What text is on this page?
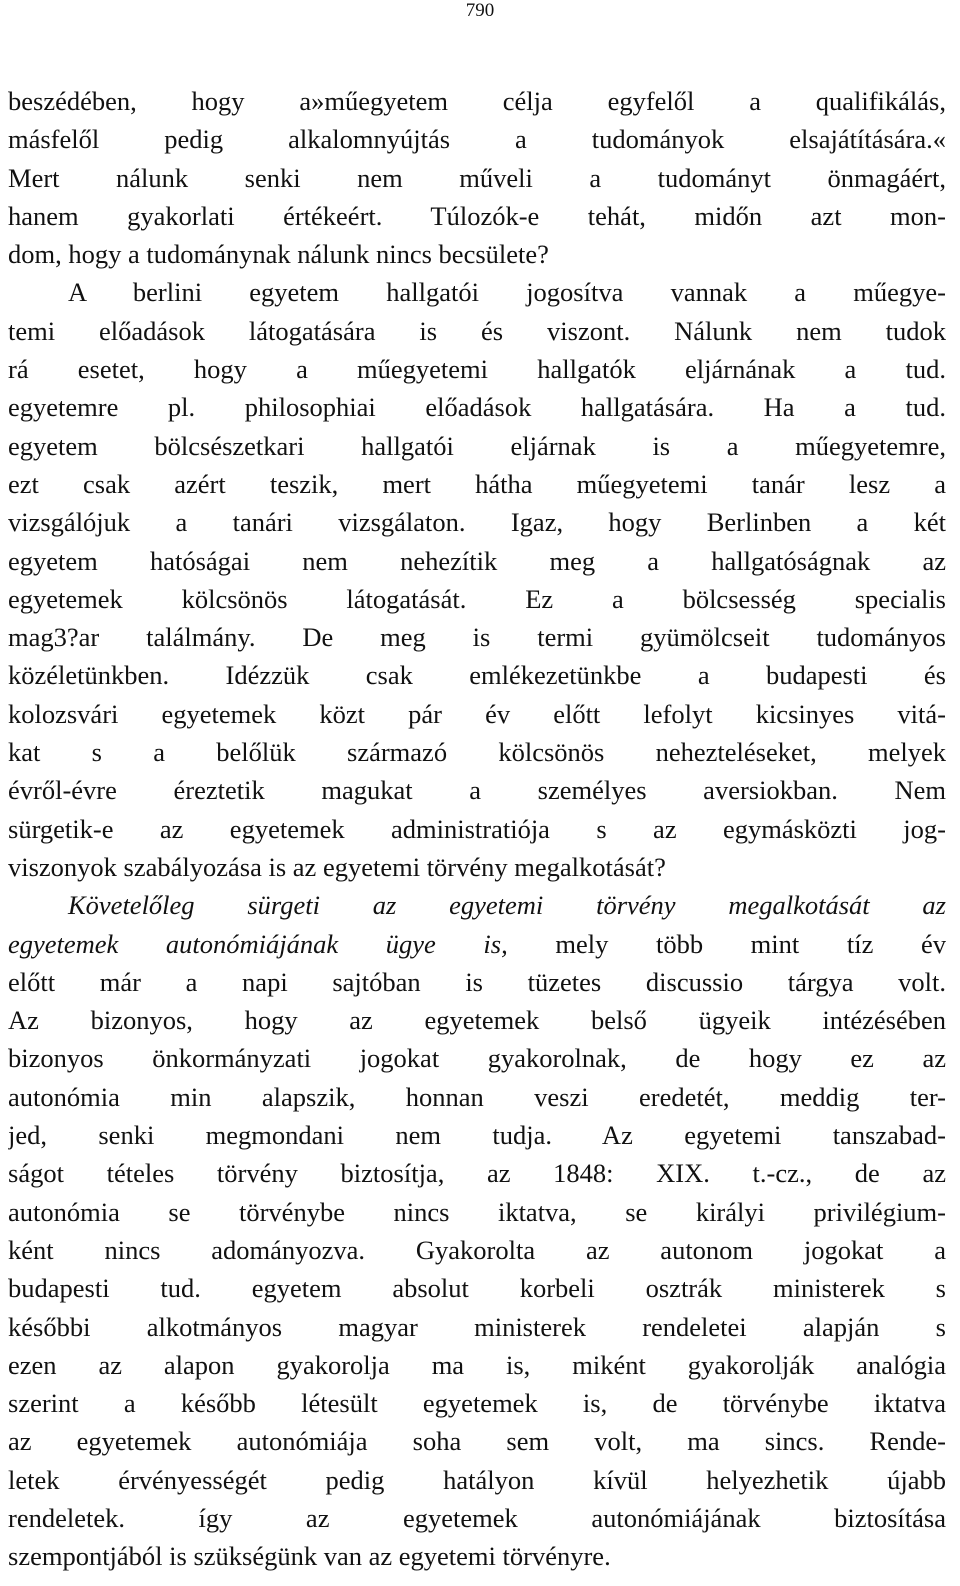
790
beszédében, hogy a»műegyetem célja egyfelől a qualifikálás,
másfelől pedig alkalomnyújtás a tudományok elsajátítására.«
Mert nálunk senki nem műveli a tudományt önmagáért,
hanem gyakorlati értékeért. Túlozók-e tehát, midőn azt mon-
dom, hogy a tudománynak nálunk nincs becsülete?
A berlini egyetem hallgatói jogosítva vannak a műegye-
temi előadások látogatására is és viszont. Nálunk nem tudok
rá esetet, hogy a műegyetemi hallgatók eljárnának a tud.
egyetemre pl. philosophiai előadások hallgatására. Ha a tud.
egyetem bölcsészetkari hallgatói eljárnak is a műegyetemre,
ezt csak azért teszik, mert hátha műegyetemi tanár lesz a
vizsgálójuk a tanári vizsgálaton. Igaz, hogy Berlinben a két
egyetem hatóságai nem nehezítik meg a hallgatóságnak az
egyetemek kölcsönös látogatását. Ez a bölcsesség specialis
mag3?ar találmány. De meg is termi gyümölcseit tudományos
közéletünkben. Idézzük csak emlékezetünkbe a budapesti és
kolozsvári egyetemek közt pár év előtt lefolyt kicsinyes vitá-
kat s a belőlük származó kölcsönös nehezteléseket, melyek
évről-évre éreztetik magukat a személyes aversiokban. Nem
sürgetik-e az egyetemek administratiója s az egymásközti jog-
viszonyok szabályozása is az egyetemi törvény megalkotását?
Követelőleg sürgeti az egyetemi törvény megalkotását az
egyetemek autonómiájának ügye is, mely több mint tíz év
előtt már a napi sajtóban is tüzetes discussio tárgya volt.
Az bizonyos, hogy az egyetemek belső ügyeik intézésében
bizonyos önkormányzati jogokat gyakorolnak, de hogy ez az
autonómia min alapszik, honnan veszi eredetét, meddig ter-
jed, senki megmondani nem tudja. Az egyetemi tanszabad-
ságot tételes törvény biztosítja, az 1848: XIX. t.-cz., de az
autonómia se törvénybe nincs iktatva, se királyi privilégium-
ként nincs adományozva. Gyakorolta az autonom jogokat a
budapesti tud. egyetem absolut korbeli osztrák ministerek s
későbbi alkotmányos magyar ministerek rendeletei alapján s
ezen az alapon gyakorolja ma is, miként gyakorolják analógia
szerint a később létesült egyetemek is, de törvénybe iktatva
az egyetemek autonómiája soha sem volt, ma sincs. Rende-
letek érvényességét pedig hatályon kívül helyezhetik újabb
rendeletek. így az egyetemek autonómiájának biztosítása
szempontjából is szükségünk van az egyetemi törvényre.
